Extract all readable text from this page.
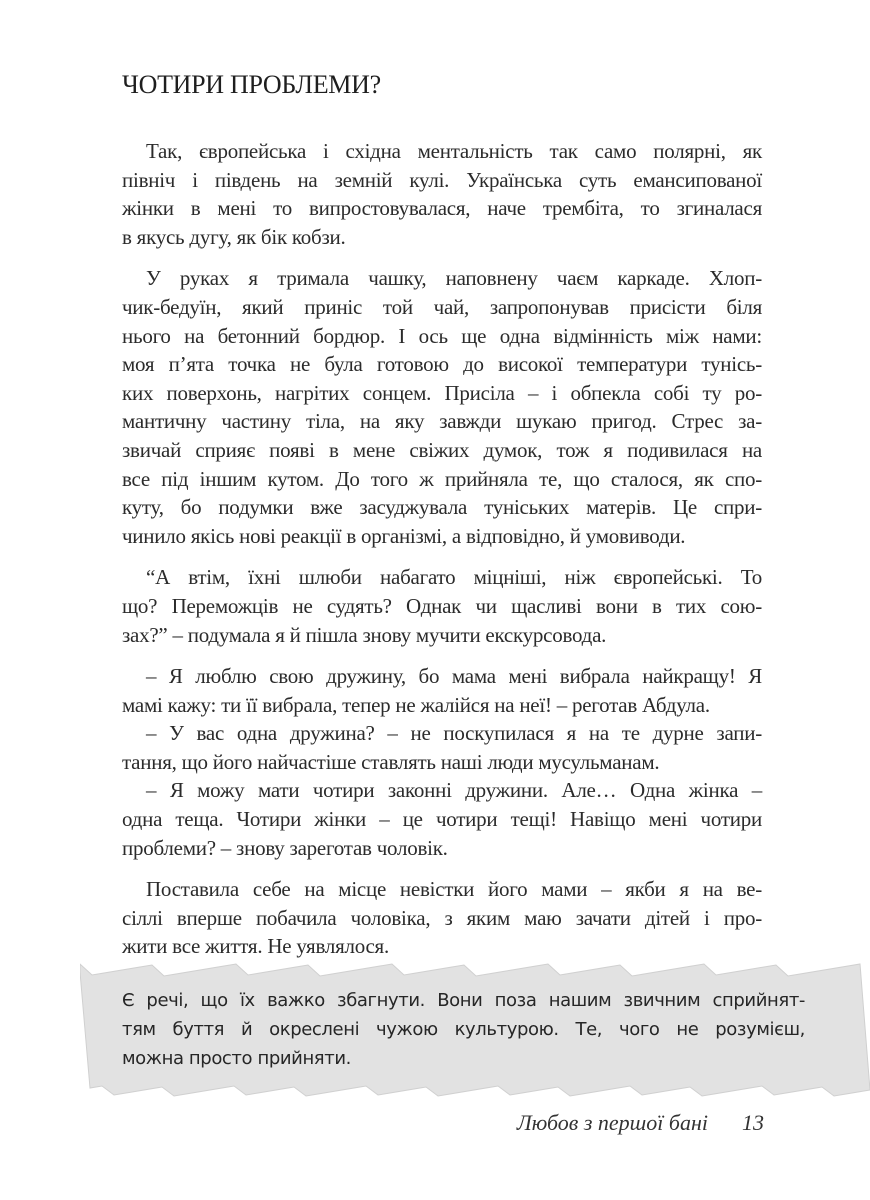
ЧОТИРИ ПРОБЛЕМИ?
Так, європейська і східна ментальність так само полярні, як
північ і південь на земній кулі. Українська суть емансипованої
жінки в мені то випростовувалася, наче трембіта, то згиналася
в якусь дугу, як бік кобзи.
У руках я тримала чашку, наповнену чаєм каркаде. Хлоп-
чик-бедуїн, який приніс той чай, запропонував присісти біля
нього на бетонний бордюр. І ось ще одна відмінність між нами:
моя п’ята точка не була готовою до високої температури тунісь-
ких поверхонь, нагрітих сонцем. Присіла – і обпекла собі ту ро-
мантичну частину тіла, на яку завжди шукаю пригод. Стрес за-
звичай сприяє появі в мене свіжих думок, тож я подивилася на
все під іншим кутом. До того ж прийняла те, що сталося, як спо-
куту, бо подумки вже засуджувала туніських матерів. Це спри-
чинило якісь нові реакції в організмі, а відповідно, й умовиводи.
“А втім, їхні шлюби набагато міцніші, ніж європейські. То
що? Переможців не судять? Однак чи щасливі вони в тих сою-
зах?” – подумала я й пішла знову мучити екскурсовода.
– Я люблю свою дружину, бо мама мені вибрала найкращу! Я
мамі кажу: ти її вибрала, тепер не жалійся на неї! – реготав Абдула.
– У вас одна дружина? – не поскупилася я на те дурне запи-
тання, що його найчастіше ставлять наші люди мусульманам.
– Я можу мати чотири законні дружини. Але… Одна жінка –
одна теща. Чотири жінки – це чотири тещі! Навіщо мені чотири
проблеми? – знову зареготав чоловік.
Поставила себе на місце невістки його мами – якби я на ве-
сіллі вперше побачила чоловіка, з яким маю зачати дітей і про-
жити все життя. Не уявлялося.
Є речі, що їх важко збагнути. Вони поза нашим звичним сприйнят-
тям буття й окреслені чужою культурою. Те, чого не розумієш,
можна просто прийняти.
Любов з першої бані 13
